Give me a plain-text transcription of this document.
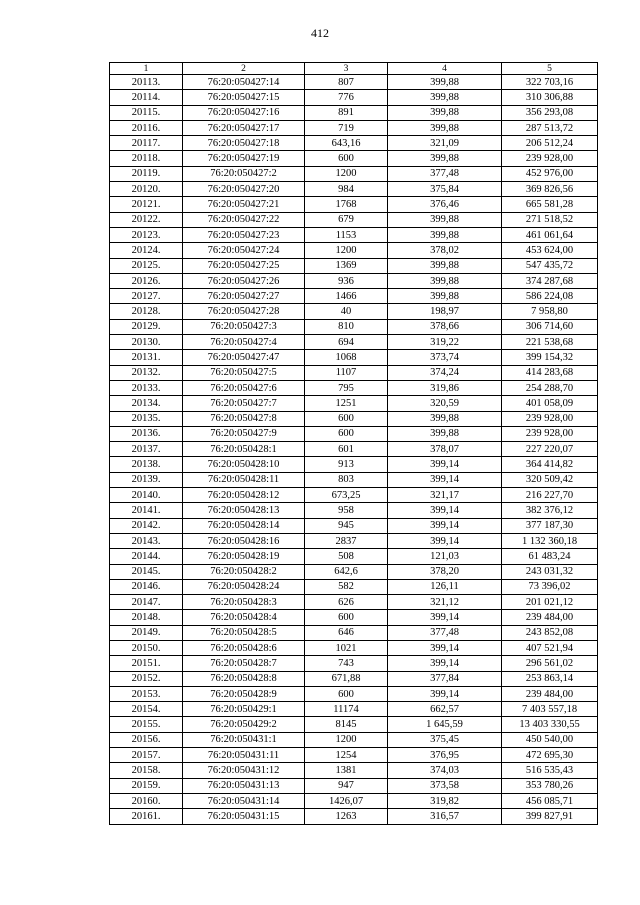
412
1	2	3	4	5
20113.	76:20:050427:14	807	399,88	322 703,16
20114.	76:20:050427:15	776	399,88	310 306,88
20115.	76:20:050427:16	891	399,88	356 293,08
20116.	76:20:050427:17	719	399,88	287 513,72
20117.	76:20:050427:18	643,16	321,09	206 512,24
20118.	76:20:050427:19	600	399,88	239 928,00
20119.	76:20:050427:2	1200	377,48	452 976,00
20120.	76:20:050427:20	984	375,84	369 826,56
20121.	76:20:050427:21	1768	376,46	665 581,28
20122.	76:20:050427:22	679	399,88	271 518,52
20123.	76:20:050427:23	1153	399,88	461 061,64
20124.	76:20:050427:24	1200	378,02	453 624,00
20125.	76:20:050427:25	1369	399,88	547 435,72
20126.	76:20:050427:26	936	399,88	374 287,68
20127.	76:20:050427:27	1466	399,88	586 224,08
20128.	76:20:050427:28	40	198,97	7 958,80
20129.	76:20:050427:3	810	378,66	306 714,60
20130.	76:20:050427:4	694	319,22	221 538,68
20131.	76:20:050427:47	1068	373,74	399 154,32
20132.	76:20:050427:5	1107	374,24	414 283,68
20133.	76:20:050427:6	795	319,86	254 288,70
20134.	76:20:050427:7	1251	320,59	401 058,09
20135.	76:20:050427:8	600	399,88	239 928,00
20136.	76:20:050427:9	600	399,88	239 928,00
20137.	76:20:050428:1	601	378,07	227 220,07
20138.	76:20:050428:10	913	399,14	364 414,82
20139.	76:20:050428:11	803	399,14	320 509,42
20140.	76:20:050428:12	673,25	321,17	216 227,70
20141.	76:20:050428:13	958	399,14	382 376,12
20142.	76:20:050428:14	945	399,14	377 187,30
20143.	76:20:050428:16	2837	399,14	1 132 360,18
20144.	76:20:050428:19	508	121,03	61 483,24
20145.	76:20:050428:2	642,6	378,20	243 031,32
20146.	76:20:050428:24	582	126,11	73 396,02
20147.	76:20:050428:3	626	321,12	201 021,12
20148.	76:20:050428:4	600	399,14	239 484,00
20149.	76:20:050428:5	646	377,48	243 852,08
20150.	76:20:050428:6	1021	399,14	407 521,94
20151.	76:20:050428:7	743	399,14	296 561,02
20152.	76:20:050428:8	671,88	377,84	253 863,14
20153.	76:20:050428:9	600	399,14	239 484,00
20154.	76:20:050429:1	11174	662,57	7 403 557,18
20155.	76:20:050429:2	8145	1 645,59	13 403 330,55
20156.	76:20:050431:1	1200	375,45	450 540,00
20157.	76:20:050431:11	1254	376,95	472 695,30
20158.	76:20:050431:12	1381	374,03	516 535,43
20159.	76:20:050431:13	947	373,58	353 780,26
20160.	76:20:050431:14	1426,07	319,82	456 085,71
20161.	76:20:050431:15	1263	316,57	399 827,91
